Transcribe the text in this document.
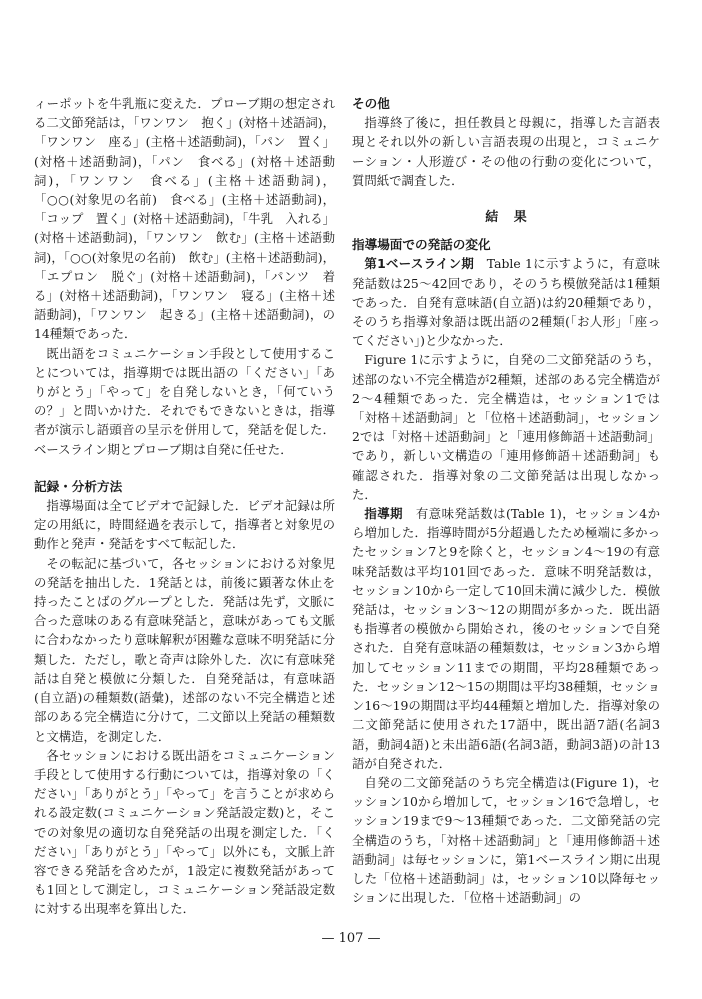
ィーポットを牛乳瓶に変えた．プローブ期の想定される二文節発話は，「ワンワン　抱く」(対格＋述語詞)，「ワンワン　座る」(主格＋述語動詞)，「パン　置く」(対格＋述語動詞)，「パン　食べる」(対格＋述語動詞)，「ワンワン　食べる」(主格＋述語動詞)，「○○(対象児の名前)　食べる」(主格＋述語動詞)，「コップ　置く」(対格＋述語動詞)，「牛乳　入れる」(対格＋述語動詞)，「ワンワン　飲む」(主格＋述語動詞)，「○○(対象児の名前)　飲む」(主格＋述語動詞)，「エプロン　脱ぐ」(対格＋述語動詞)，「パンツ　着る」(対格＋述語動詞)，「ワンワン　寝る」(主格＋述語動詞)，「ワンワン　起きる」(主格＋述語動詞)，の14種類であった．

既出語をコミュニケーション手段として使用することについては，指導期では既出語の「ください」「ありがとう」「やって」を自発しないとき，「何ていうの？」と問いかけた．それでもできないときは，指導者が演示し語頭音の呈示を併用して，発話を促した．ベースライン期とプローブ期は自発に任せた．

記録・分析方法

指導場面は全てビデオで記録した．ビデオ記録は所定の用紙に，時間経過を表示して，指導者と対象児の動作と発声・発話をすべて転記した．

その転記に基づいて，各セッションにおける対象児の発話を抽出した．1発話とは，前後に顕著な休止を持ったことばのグループとした．発話は先ず，文脈に合った意味のある有意味発話と，意味があっても文脈に合わなかったり意味解釈が困難な意味不明発話に分類した．ただし，歌と奇声は除外した．次に有意味発話は自発と模倣に分類した．自発発話は，有意味語(自立語)の種類数(語彙)，述部のない不完全構造と述部のある完全構造に分けて，二文節以上発話の種類数と文構造，を測定した．

各セッションにおける既出語をコミュニケーション手段として使用する行動については，指導対象の「ください」「ありがとう」「やって」を言うことが求められる設定数(コミュニケーション発話設定数)と，そこでの対象児の適切な自発発話の出現を測定した．「ください」「ありがとう」「やって」以外にも，文脈上許容できる発話を含めたが，1設定に複数発話があっても1回として測定し，コミュニケーション発話設定数に対する出現率を算出した．

その他

指導終了後に，担任教員と母親に，指導した言語表現とそれ以外の新しい言語表現の出現と，コミュニケーション・人形遊び・その他の行動の変化について，質問紙で調査した．

結果
指導場面での発話の変化

第1ベースライン期　 Table 1に示すように，有意味発話数は25～42回であり，そのうち模倣発話は1種類であった．自発有意味語(自立語)は約20種類であり，そのうち指導対象語は既出語の2種類(「お人形」「座ってください」)と少なかった．

Figure 1に示すように，自発の二文節発話のうち，述部のない不完全構造が2種類，述部のある完全構造が2～4種類であった．完全構造は，セッション1では「対格＋述語動詞」と「位格＋述語動詞」，セッション2では「対格＋述語動詞」と「連用修飾語＋述語動詞」であり，新しい文構造の「連用修飾語＋述語動詞」も確認された．指導対象の二文節発話は出現しなかった．

指導期　 有意味発話数は(Table 1)，セッション4から増加した．指導時間が5分超過したため極端に多かったセッション7と9を除くと，セッション4～19の有意味発話数は平均101回であった．意味不明発話数は，セッション10から一定して10回未満に減少した．模倣発話は，セッション3～12の期間が多かった．既出語も指導者の模倣から開始され，後のセッションで自発された．自発有意味語の種類数は，セッション3から増加してセッション11までの期間，平均28種類であった．セッション12～15の期間は平均38種類，セッション16～19の期間は平均44種類と増加した．指導対象の二文節発話に使用された17語中，既出語7語(名詞3語，動詞4語)と未出語6語(名詞3語，動詞3語)の計13語が自発された．

自発の二文節発話のうち完全構造は(Figure 1)，セッション10から増加して，セッション16で急増し，セッション19まで9～13種類であった．二文節発話の完全構造のうち，「対格＋述語動詞」と「連用修飾語＋述語動詞」は毎セッションに，第1ベースライン期に出現した「位格＋述語動詞」は，セッション10以降毎セッションに出現した．「位格＋述語動詞」の

— 107 —
